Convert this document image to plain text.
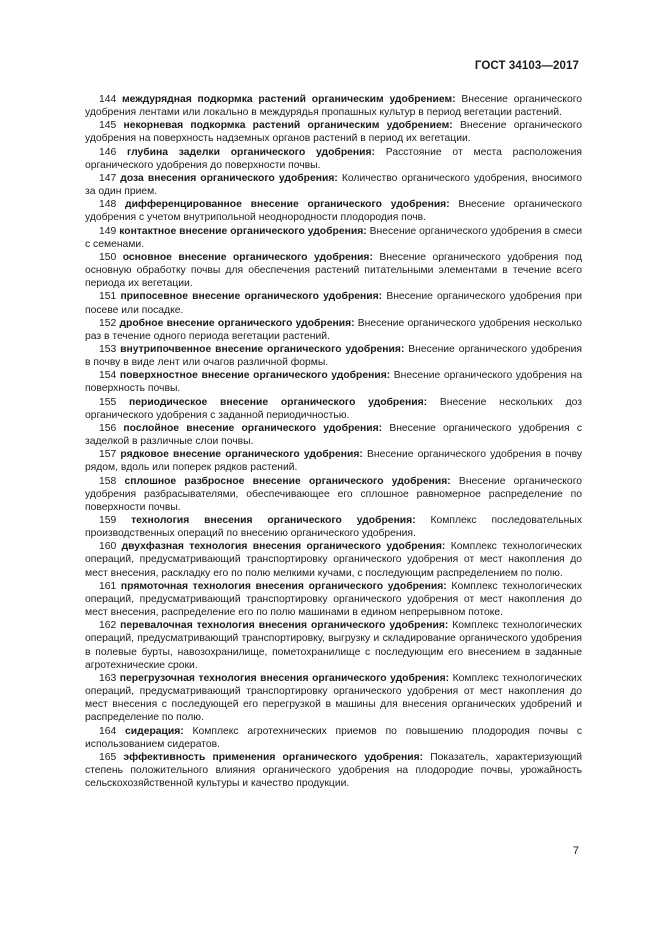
ГОСТ 34103—2017

144 междурядная подкормка растений органическим удобрением: Внесение органического удобрения лентами или локально в междурядья пропашных культур в период вегетации растений.

145 некорневая подкормка растений органическим удобрением: Внесение органического удобрения на поверхность надземных органов растений в период их вегетации.

146 глубина заделки органического удобрения: Расстояние от места расположения органического удобрения до поверхности почвы.

147 доза внесения органического удобрения: Количество органического удобрения, вносимого за один прием.

148 дифференцированное внесение органического удобрения: Внесение органического удобрения с учетом внутрипольной неоднородности плодородия почв.

149 контактное внесение органического удобрения: Внесение органического удобрения в смеси с семенами.

150 основное внесение органического удобрения: Внесение органического удобрения под основную обработку почвы для обеспечения растений питательными элементами в течение всего периода их вегетации.

151 припосевное внесение органического удобрения: Внесение органического удобрения при посеве или посадке.

152 дробное внесение органического удобрения: Внесение органического удобрения несколько раз в течение одного периода вегетации растений.

153 внутрипочвенное внесение органического удобрения: Внесение органического удобрения в почву в виде лент или очагов различной формы.

154 поверхностное внесение органического удобрения: Внесение органического удобрения на поверхность почвы.

155 периодическое внесение органического удобрения: Внесение нескольких доз органического удобрения с заданной периодичностью.

156 послойное внесение органического удобрения: Внесение органического удобрения с заделкой в различные слои почвы.

157 рядковое внесение органического удобрения: Внесение органического удобрения в почву рядом, вдоль или поперек рядков растений.

158 сплошное разбросное внесение органического удобрения: Внесение органического удобрения разбрасывателями, обеспечивающее его сплошное равномерное распределение по поверхности почвы.

159 технология внесения органического удобрения: Комплекс последовательных производственных операций по внесению органического удобрения.

160 двухфазная технология внесения органического удобрения: Комплекс технологических операций, предусматривающий транспортировку органического удобрения от мест накопления до мест внесения, раскладку его по полю мелкими кучами, с последующим распределением по полю.

161 прямоточная технология внесения органического удобрения: Комплекс технологических операций, предусматривающий транспортировку органического удобрения от мест накопления до мест внесения, распределение его по полю машинами в едином непрерывном потоке.

162 перевалочная технология внесения органического удобрения: Комплекс технологических операций, предусматривающий транспортировку, выгрузку и складирование органического удобрения в полевые бурты, навозохранилище, пометохранилище с последующим его внесением в заданные агротехнические сроки.

163 перегрузочная технология внесения органического удобрения: Комплекс технологических операций, предусматривающий транспортировку органического удобрения от мест накопления до мест внесения с последующей его перегрузкой в машины для внесения органических удобрений и распределение по полю.

164 сидерация: Комплекс агротехнических приемов по повышению плодородия почвы с использованием сидератов.

165 эффективность применения органического удобрения: Показатель, характеризующий степень положительного влияния органического удобрения на плодородие почвы, урожайность сельскохозяйственной культуры и качество продукции.

7
